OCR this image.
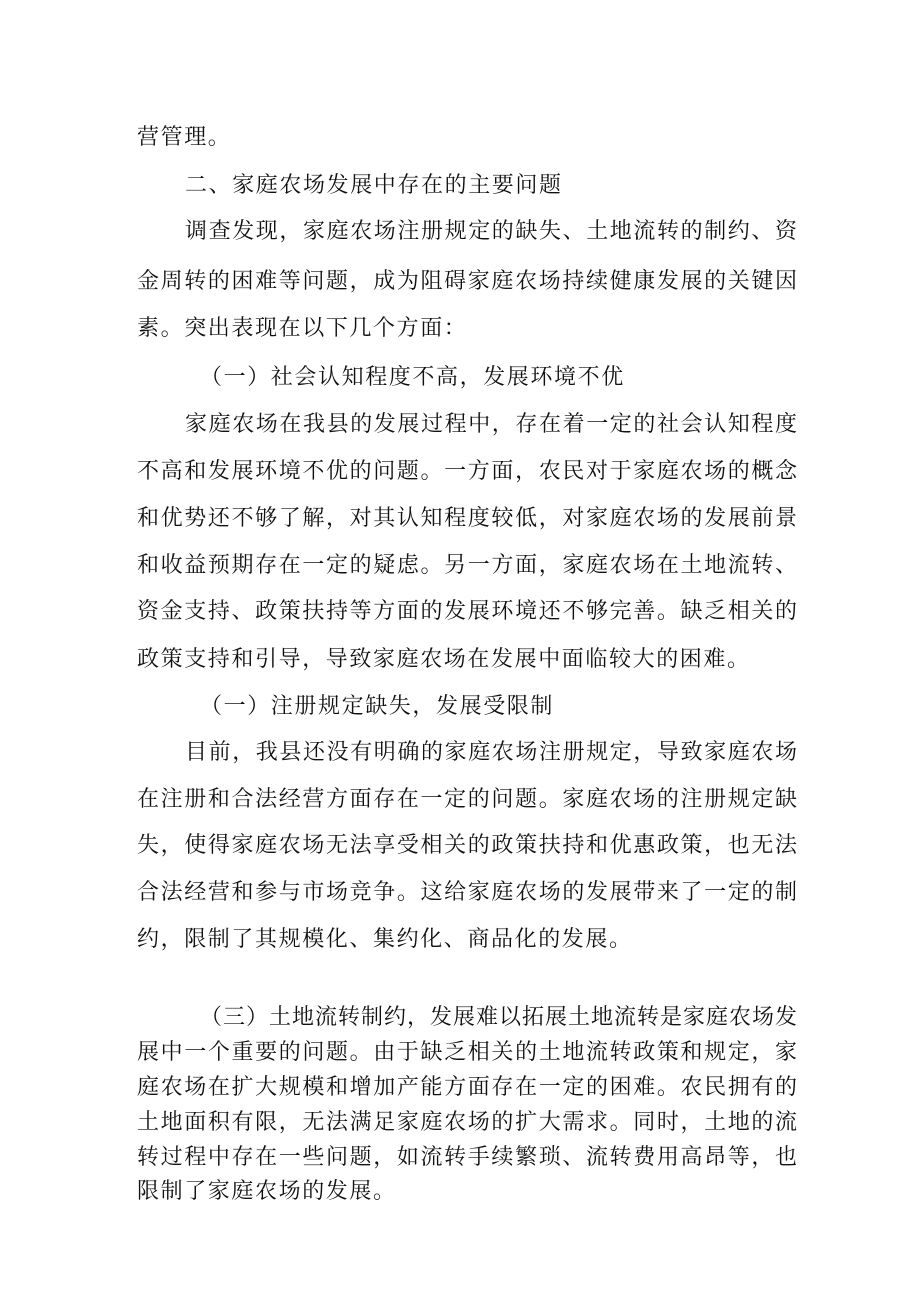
营管理。
二、家庭农场发展中存在的主要问题
调查发现，家庭农场注册规定的缺失、土地流转的制约、资
金周转的困难等问题，成为阻碍家庭农场持续健康发展的关键因
素。突出表现在以下几个方面：
（一）社会认知程度不高，发展环境不优
家庭农场在我县的发展过程中，存在着一定的社会认知程度
不高和发展环境不优的问题。一方面，农民对于家庭农场的概念
和优势还不够了解，对其认知程度较低，对家庭农场的发展前景
和收益预期存在一定的疑虑。另一方面，家庭农场在土地流转、
资金支持、政策扶持等方面的发展环境还不够完善。缺乏相关的
政策支持和引导，导致家庭农场在发展中面临较大的困难。
（一）注册规定缺失，发展受限制
目前，我县还没有明确的家庭农场注册规定，导致家庭农场
在注册和合法经营方面存在一定的问题。家庭农场的注册规定缺
失，使得家庭农场无法享受相关的政策扶持和优惠政策，也无法
合法经营和参与市场竞争。这给家庭农场的发展带来了一定的制
约，限制了其规模化、集约化、商品化的发展。
（三）土地流转制约，发展难以拓展土地流转是家庭农场发
展中一个重要的问题。由于缺乏相关的土地流转政策和规定，家
庭农场在扩大规模和增加产能方面存在一定的困难。农民拥有的
土地面积有限，无法满足家庭农场的扩大需求。同时，土地的流
转过程中存在一些问题，如流转手续繁琐、流转费用高昂等，也
限制了家庭农场的发展。
